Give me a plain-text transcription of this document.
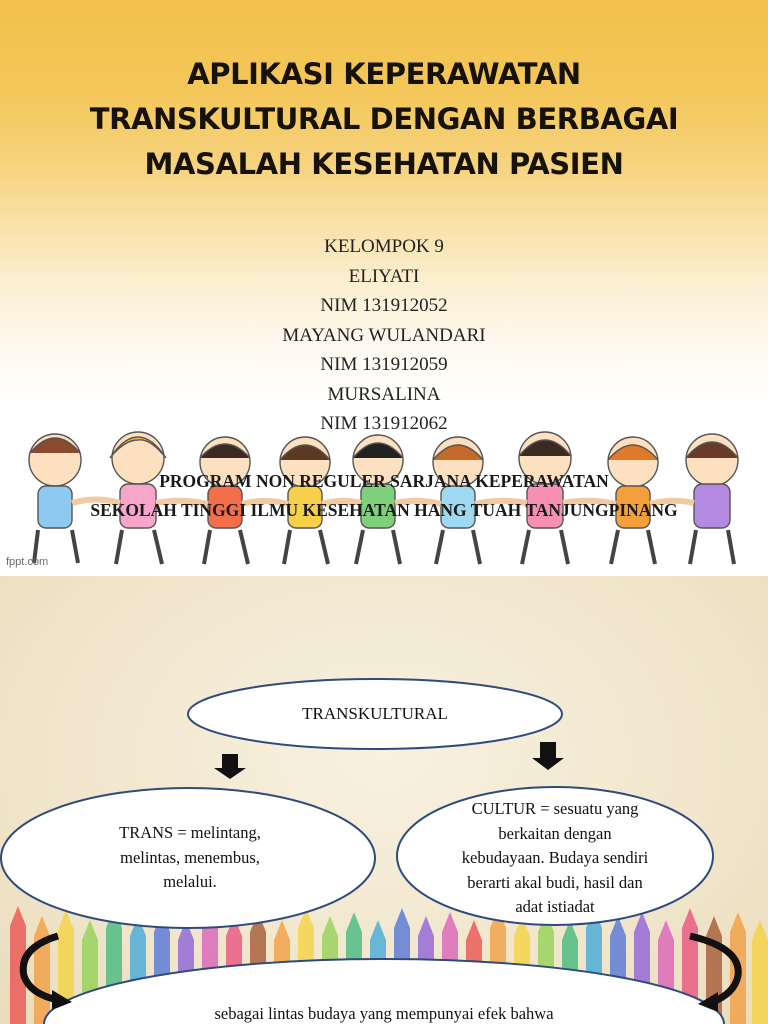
APLIKASI KEPERAWATAN
TRANSKULTURAL DENGAN BERBAGAI
MASALAH KESEHATAN PASIEN
KELOMPOK 9
ELIYATI
NIM 131912052
MAYANG WULANDARI
NIM 131912059
MURSALINA
NIM 131912062
PROGRAM NON REGULER SARJANA KEPERAWATAN
SEKOLAH TINGGI ILMU KESEHATAN HANG TUAH TANJUNGPINANG
fppt.com
TRANSKULTURAL
TRANS = melintang,
melintas, menembus,
melalui.
CULTUR = sesuatu yang
berkaitan dengan
kebudayaan. Budaya sendiri
berarti akal budi, hasil dan
adat istiadat
sebagai lintas budaya yang mempunyai efek bahwa
